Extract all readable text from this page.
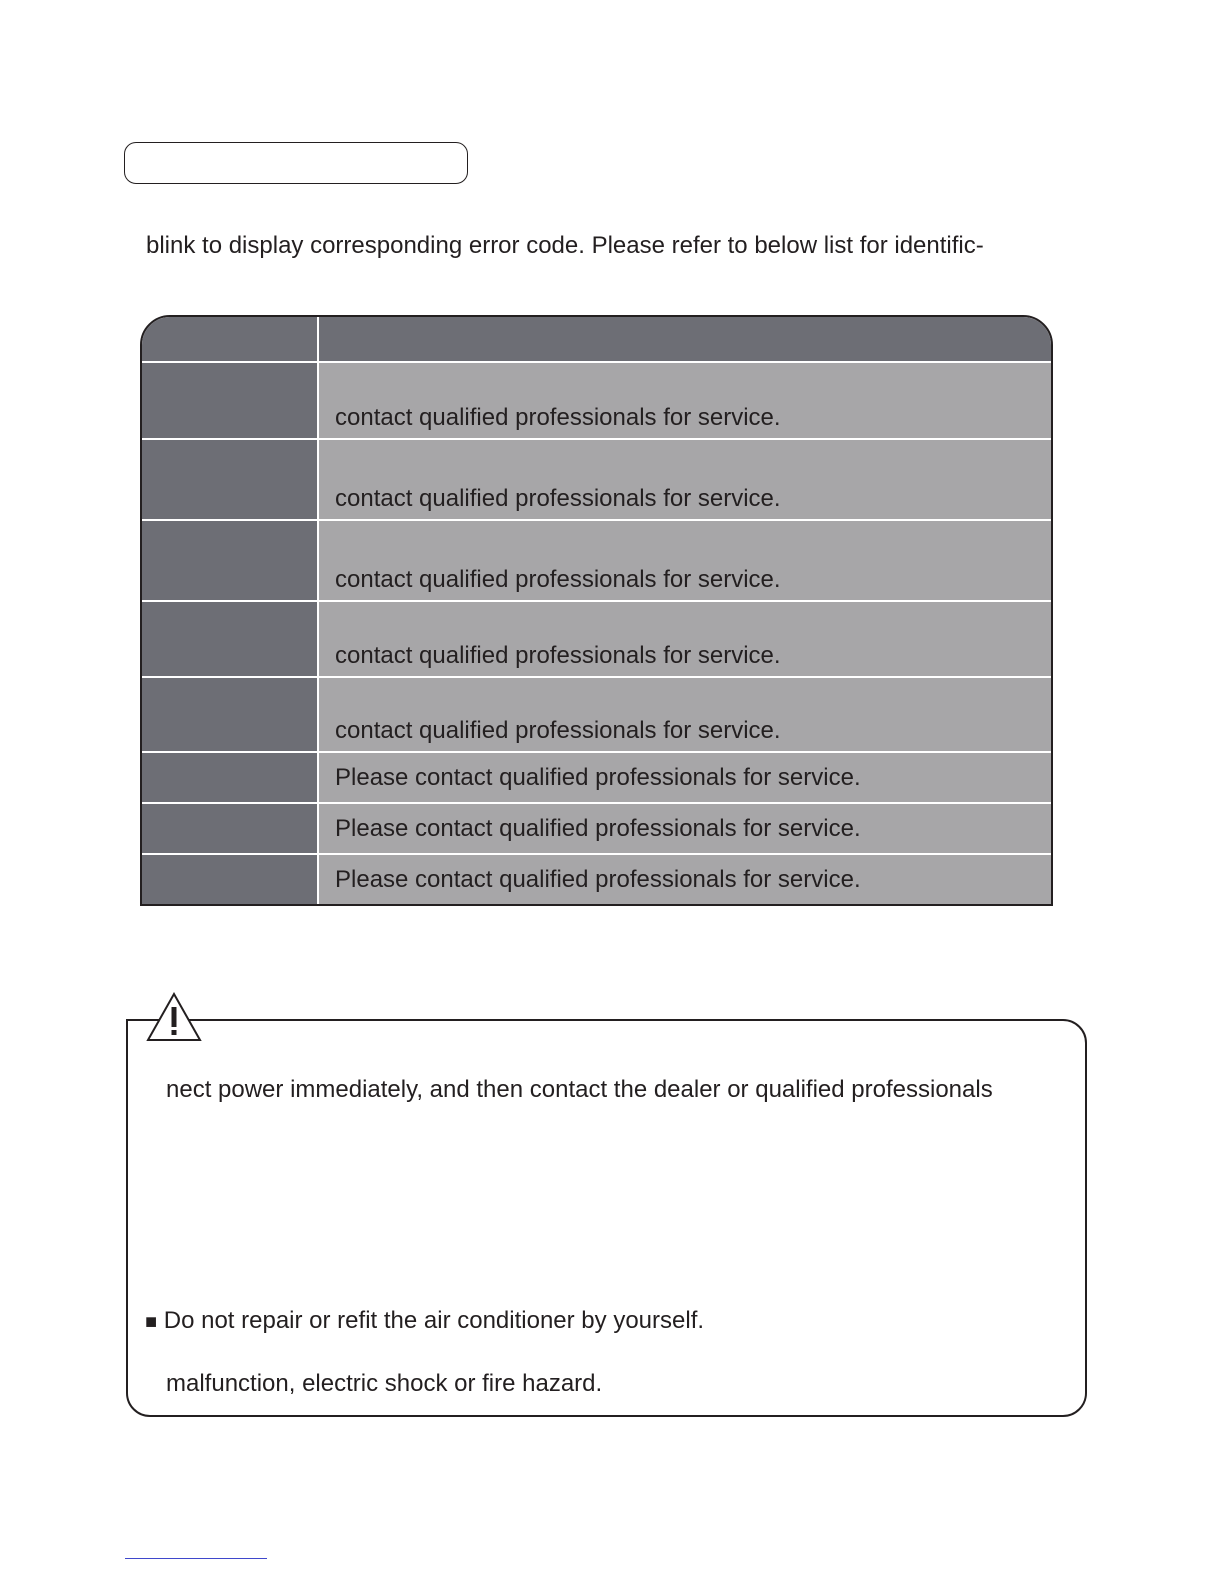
blink to display corresponding error code. Please refer to below list for identific-

	contact qualified professionals for service.
	contact qualified professionals for service.
	contact qualified professionals for service.
	contact qualified professionals for service.
	contact qualified professionals for service.
	Please contact qualified professionals for service.
	Please contact qualified professionals for service.
	Please contact qualified professionals for service.
nect power immediately, and then contact the dealer or qualified professionals
■ Do not repair or refit the air conditioner by yourself.
malfunction, electric shock or fire hazard.
